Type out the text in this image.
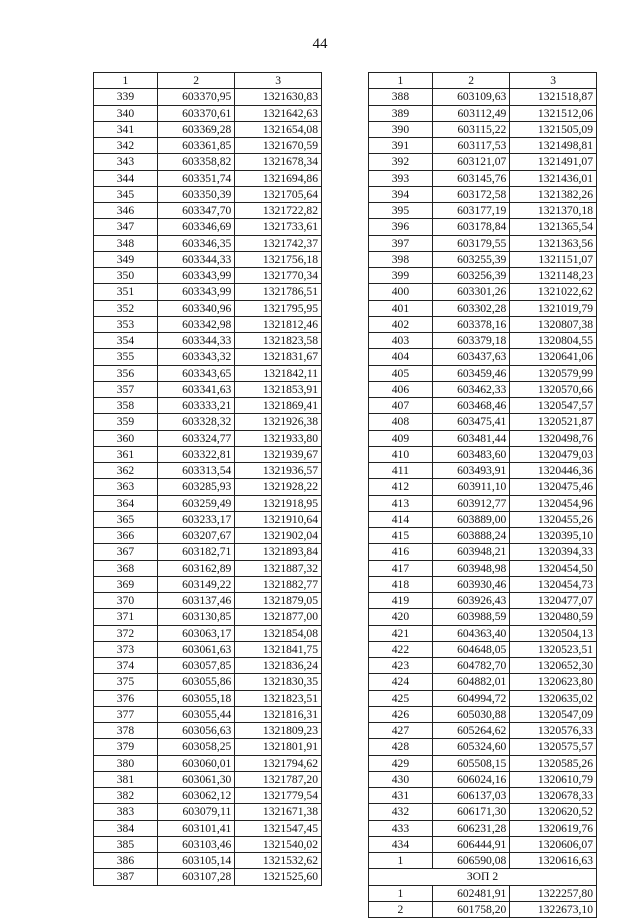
44
1	2	3
339	603370,95	1321630,83
340	603370,61	1321642,63
341	603369,28	1321654,08
342	603361,85	1321670,59
343	603358,82	1321678,34
344	603351,74	1321694,86
345	603350,39	1321705,64
346	603347,70	1321722,82
347	603346,69	1321733,61
348	603346,35	1321742,37
349	603344,33	1321756,18
350	603343,99	1321770,34
351	603343,99	1321786,51
352	603340,96	1321795,95
353	603342,98	1321812,46
354	603344,33	1321823,58
355	603343,32	1321831,67
356	603343,65	1321842,11
357	603341,63	1321853,91
358	603333,21	1321869,41
359	603328,32	1321926,38
360	603324,77	1321933,80
361	603322,81	1321939,67
362	603313,54	1321936,57
363	603285,93	1321928,22
364	603259,49	1321918,95
365	603233,17	1321910,64
366	603207,67	1321902,04
367	603182,71	1321893,84
368	603162,89	1321887,32
369	603149,22	1321882,77
370	603137,46	1321879,05
371	603130,85	1321877,00
372	603063,17	1321854,08
373	603061,63	1321841,75
374	603057,85	1321836,24
375	603055,86	1321830,35
376	603055,18	1321823,51
377	603055,44	1321816,31
378	603056,63	1321809,23
379	603058,25	1321801,91
380	603060,01	1321794,62
381	603061,30	1321787,20
382	603062,12	1321779,54
383	603079,11	1321671,38
384	603101,41	1321547,45
385	603103,46	1321540,02
386	603105,14	1321532,62
387	603107,28	1321525,60
1	2	3
388	603109,63	1321518,87
389	603112,49	1321512,06
390	603115,22	1321505,09
391	603117,53	1321498,81
392	603121,07	1321491,07
393	603145,76	1321436,01
394	603172,58	1321382,26
395	603177,19	1321370,18
396	603178,84	1321365,54
397	603179,55	1321363,56
398	603255,39	1321151,07
399	603256,39	1321148,23
400	603301,26	1321022,62
401	603302,28	1321019,79
402	603378,16	1320807,38
403	603379,18	1320804,55
404	603437,63	1320641,06
405	603459,46	1320579,99
406	603462,33	1320570,66
407	603468,46	1320547,57
408	603475,41	1320521,87
409	603481,44	1320498,76
410	603483,60	1320479,03
411	603493,91	1320446,36
412	603911,10	1320475,46
413	603912,77	1320454,96
414	603889,00	1320455,26
415	603888,24	1320395,10
416	603948,21	1320394,33
417	603948,98	1320454,50
418	603930,46	1320454,73
419	603926,43	1320477,07
420	603988,59	1320480,59
421	604363,40	1320504,13
422	604648,05	1320523,51
423	604782,70	1320652,30
424	604882,01	1320623,80
425	604994,72	1320635,02
426	605030,88	1320547,09
427	605264,62	1320576,33
428	605324,60	1320575,57
429	605508,15	1320585,26
430	606024,16	1320610,79
431	606137,03	1320678,33
432	606171,30	1320620,52
433	606231,28	1320619,76
434	606444,91	1320606,07
1	606590,08	1320616,63
ЗОП 2		
1	602481,91	1322257,80
2	601758,20	1322673,10
